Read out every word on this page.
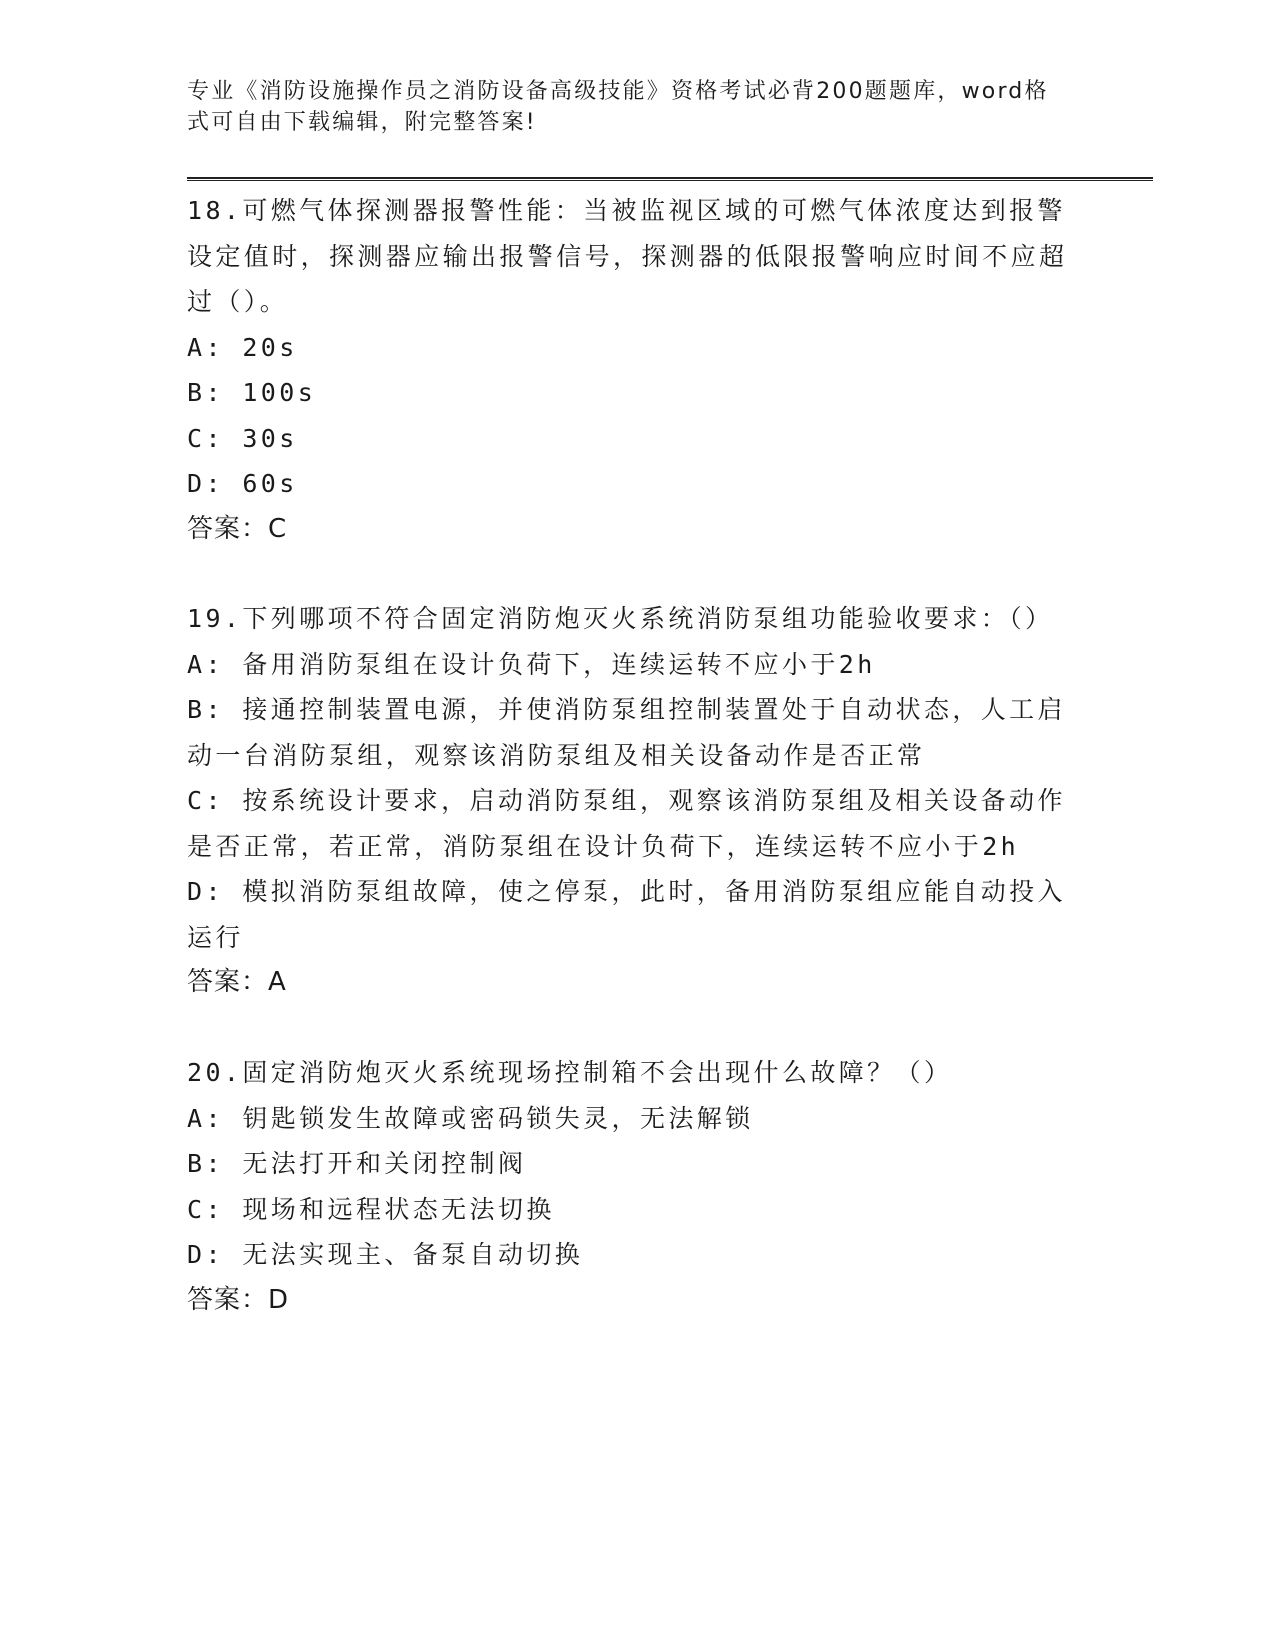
专业《消防设施操作员之消防设备高级技能》资格考试必背200题题库，word格式可自由下载编辑，附完整答案!

18.可燃气体探测器报警性能：当被监视区域的可燃气体浓度达到报警设定值时，探测器应输出报警信号，探测器的低限报警响应时间不应超过（）。

A: 20s

B: 100s

C: 30s

D: 60s

答案：C

19.下列哪项不符合固定消防炮灭火系统消防泵组功能验收要求：（）

A: 备用消防泵组在设计负荷下，连续运转不应小于2h

B: 接通控制装置电源，并使消防泵组控制装置处于自动状态，人工启动一台消防泵组，观察该消防泵组及相关设备动作是否正常

C: 按系统设计要求，启动消防泵组，观察该消防泵组及相关设备动作是否正常，若正常，消防泵组在设计负荷下，连续运转不应小于2h

D: 模拟消防泵组故障，使之停泵，此时，备用消防泵组应能自动投入运行

答案：A

20.固定消防炮灭火系统现场控制箱不会出现什么故障？（）

A: 钥匙锁发生故障或密码锁失灵，无法解锁

B: 无法打开和关闭控制阀

C: 现场和远程状态无法切换

D: 无法实现主、备泵自动切换

答案：D
